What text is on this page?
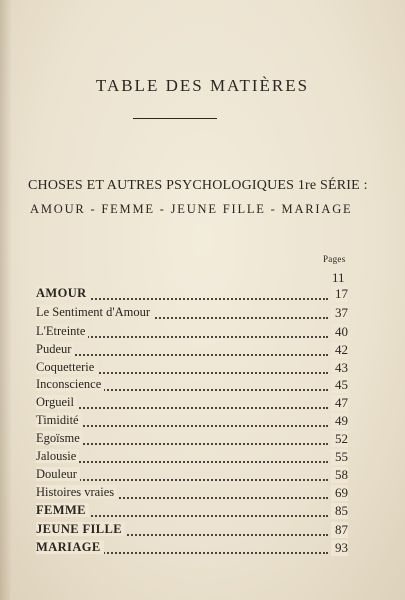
TABLE DES MATIÈRES
CHOSES ET AUTRES PSYCHOLOGIQUES 1re SÉRIE :
AMOUR - FEMME - JEUNE FILLE - MARIAGE
Pages
11
AMOUR	17
Le Sentiment d'Amour	37
L'Etreinte	40
Pudeur	42
Coquetterie	43
Inconscience	45
Orgueil	47
Timidité	49
Egoïsme	52
Jalousie	55
Douleur	58
Histoires vraies	69
FEMME	85
JEUNE FILLE	87
MARIAGE	93
